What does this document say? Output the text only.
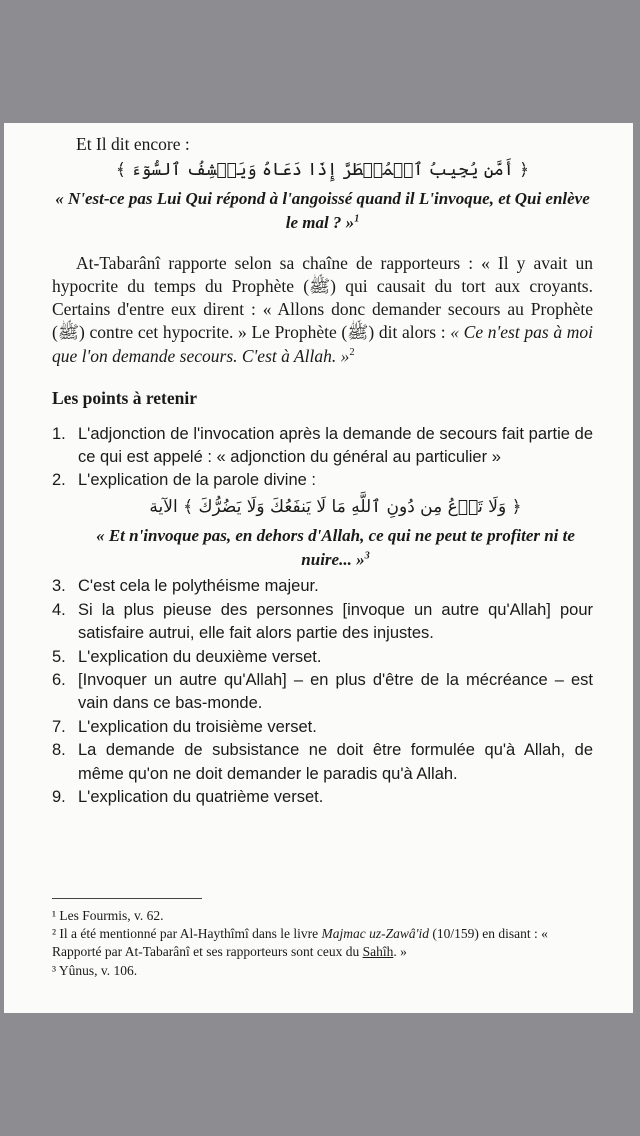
Et Il dit encore :

﴿ أَمَّن يُجِيبُ ٱلۡمُضۡطَرَّ إِذَا دَعَاهُ وَيَكۡشِفُ ٱلسُّوٓءَ ﴾

« N'est-ce pas Lui Qui répond à l'angoissé quand il L'invoque, et Qui enlève le mal ? »$^1$

At-Tabarânî rapporte selon sa chaîne de rapporteurs : « Il y avait un hypocrite du temps du Prophète (ﷺ) qui causait du tort aux croyants. Certains d'entre eux dirent : « Allons donc demander secours au Prophète (ﷺ) contre cet hypocrite. » Le Prophète (ﷺ) dit alors : « Ce n'est pas à moi que l'on demande secours. C'est à Allah. »$^2$

Les points à retenir
1. L'adjonction de l'invocation après la demande de secours fait partie de ce qui est appelé : « adjonction du général au particulier »
2. L'explication de la parole divine :
﴿ وَلَا تَدۡعُ مِن دُونِ ٱللَّهِ مَا لَا يَنفَعُكَ وَلَا يَضُرُّكَ ﴾ الآية

« Et n'invoque pas, en dehors d'Allah, ce qui ne peut te profiter ni te nuire... »$^3$

3. C'est cela le polythéisme majeur.
4. Si la plus pieuse des personnes [invoque un autre qu'Allah] pour satisfaire autrui, elle fait alors partie des injustes.
5. L'explication du deuxième verset.
6. [Invoquer un autre qu'Allah] – en plus d'être de la mécréance – est vain dans ce bas-monde.
7. L'explication du troisième verset.
8. La demande de subsistance ne doit être formulée qu'à Allah, de même qu'on ne doit demander le paradis qu'à Allah.
9. L'explication du quatrième verset.
¹ Les Fourmis, v. 62.
² Il a été mentionné par Al-Haythîmî dans le livre Majmac uz-Zawâ'id (10/159) en disant : « Rapporté par At-Tabarânî et ses rapporteurs sont ceux du Sahîh. »
³ Yûnus, v. 106.
